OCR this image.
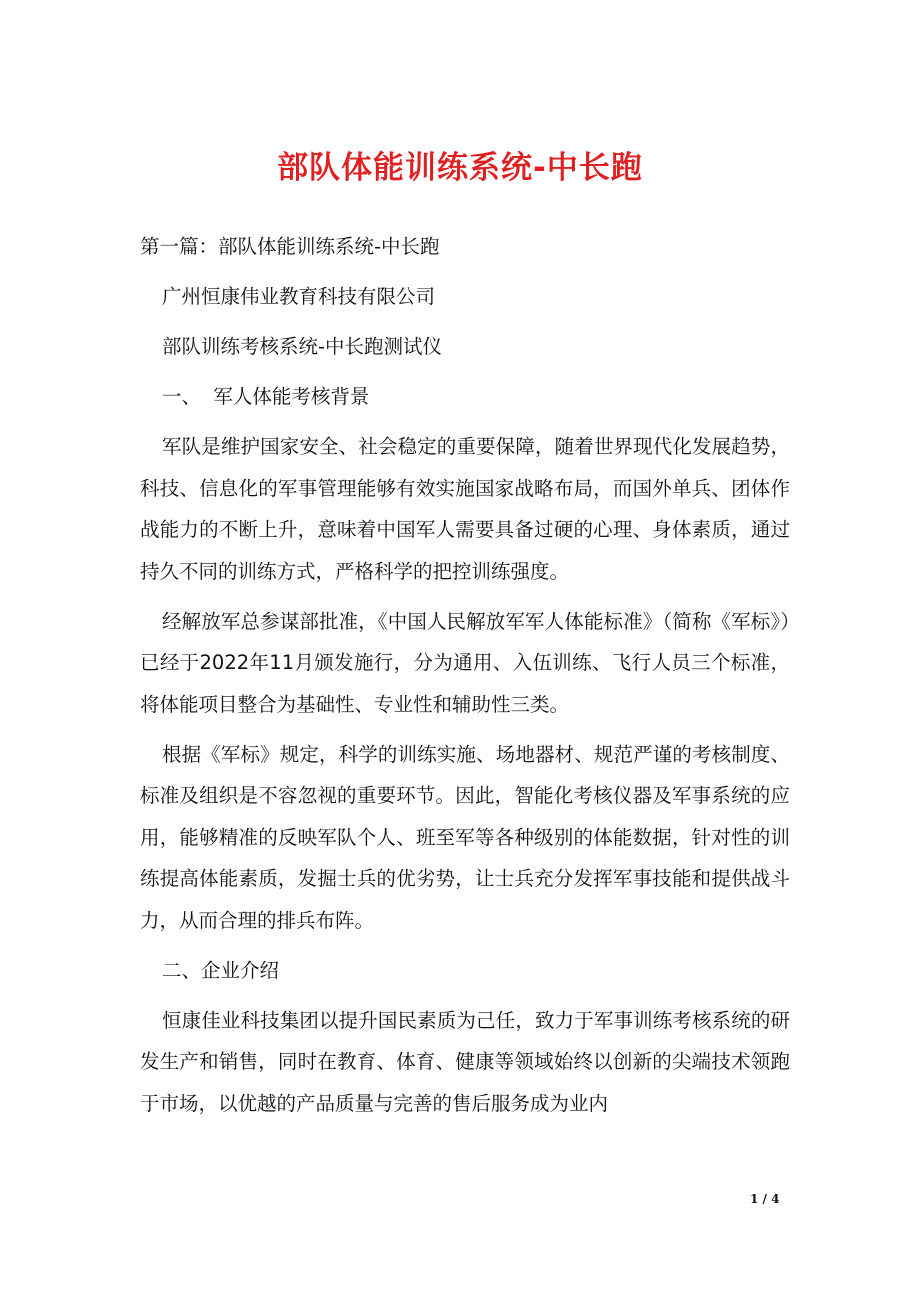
部队体能训练系统-中长跑

第一篇：部队体能训练系统-中长跑

广州恒康伟业教育科技有限公司

部队训练考核系统-中长跑测试仪

一、  军人体能考核背景

军队是维护国家安全、社会稳定的重要保障，随着世界现代化发展趋势，科技、信息化的军事管理能够有效实施国家战略布局，而国外单兵、团体作战能力的不断上升，意味着中国军人需要具备过硬的心理、身体素质，通过持久不同的训练方式，严格科学的把控训练强度。

经解放军总参谋部批准，《中国人民解放军军人体能标准》（简称《军标》）已经于2022年11月颁发施行，分为通用、入伍训练、飞行人员三个标准，将体能项目整合为基础性、专业性和辅助性三类。

根据《军标》规定，科学的训练实施、场地器材、规范严谨的考核制度、标准及组织是不容忽视的重要环节。因此，智能化考核仪器及军事系统的应用，能够精准的反映军队个人、班至军等各种级别的体能数据，针对性的训练提高体能素质，发掘士兵的优劣势，让士兵充分发挥军事技能和提供战斗力，从而合理的排兵布阵。

二、企业介绍

恒康佳业科技集团以提升国民素质为己任，致力于军事训练考核系统的研发生产和销售，同时在教育、体育、健康等领域始终以创新的尖端技术领跑于市场，以优越的产品质量与完善的售后服务成为业内

1 / 4
